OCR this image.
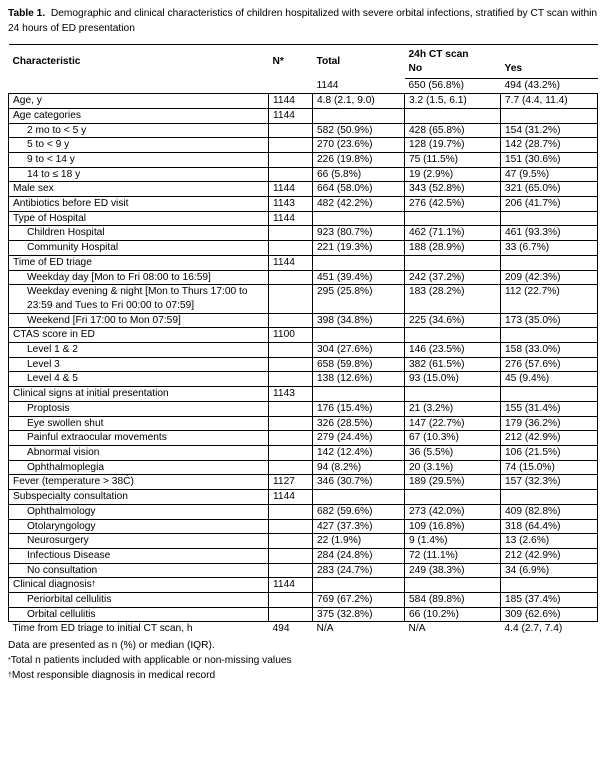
Table 1. Demographic and clinical characteristics of children hospitalized with severe orbital infections, stratified by CT scan within 24 hours of ED presentation
Characteristic	N*	Total	24h CT scan	
			No	Yes
		1144	650 (56.8%)	494 (43.2%)
Age, y	1144	4.8 (2.1, 9.0)	3.2 (1.5, 6.1)	7.7 (4.4, 11.4)
Age categories	1144			
2 mo to < 5 y		582 (50.9%)	428 (65.8%)	154 (31.2%)
5 to < 9 y		270 (23.6%)	128 (19.7%)	142 (28.7%)
9 to < 14 y		226 (19.8%)	75 (11.5%)	151 (30.6%)
14 to ≤ 18 y		66 (5.8%)	19 (2.9%)	47 (9.5%)
Male sex	1144	664 (58.0%)	343 (52.8%)	321 (65.0%)
Antibiotics before ED visit	1143	482 (42.2%)	276 (42.5%)	206 (41.7%)
Type of Hospital	1144			
Children Hospital		923 (80.7%)	462 (71.1%)	461 (93.3%)
Community Hospital		221 (19.3%)	188 (28.9%)	33 (6.7%)
Time of ED triage	1144			
Weekday day [Mon to Fri 08:00 to 16:59]		451 (39.4%)	242 (37.2%)	209 (42.3%)
Weekday evening & night [Mon to Thurs 17:00 to 23:59 and Tues to Fri 00:00 to 07:59]		295 (25.8%)	183 (28.2%)	112 (22.7%)
Weekend [Fri 17:00 to Mon 07:59]		398 (34.8%)	225 (34.6%)	173 (35.0%)
CTAS score in ED	1100			
Level 1 & 2		304 (27.6%)	146 (23.5%)	158 (33.0%)
Level 3		658 (59.8%)	382 (61.5%)	276 (57.6%)
Level 4 & 5		138 (12.6%)	93 (15.0%)	45 (9.4%)
Clinical signs at initial presentation	1143			
Proptosis		176 (15.4%)	21 (3.2%)	155 (31.4%)
Eye swollen shut		326 (28.5%)	147 (22.7%)	179 (36.2%)
Painful extraocular movements		279 (24.4%)	67 (10.3%)	212 (42.9%)
Abnormal vision		142 (12.4%)	36 (5.5%)	106 (21.5%)
Ophthalmoplegia		94 (8.2%)	20 (3.1%)	74 (15.0%)
Fever (temperature > 38Ċ)	1127	346 (30.7%)	189 (29.5%)	157 (32.3%)
Subspecialty consultation	1144			
Ophthalmology		682 (59.6%)	273 (42.0%)	409 (82.8%)
Otolaryngology		427 (37.3%)	109 (16.8%)	318 (64.4%)
Neurosurgery		22 (1.9%)	9 (1.4%)	13 (2.6%)
Infectious Disease		284 (24.8%)	72 (11.1%)	212 (42.9%)
No consultation		283 (24.7%)	249 (38.3%)	34 (6.9%)
Clinical diagnosis†	1144			
Periorbital cellulitis		769 (67.2%)	584 (89.8%)	185 (37.4%)
Orbital cellulitis		375 (32.8%)	66 (10.2%)	309 (62.6%)
Time from ED triage to initial CT scan, h	494	N/A	N/A	4.4 (2.7, 7.4)
Data are presented as n (%) or median (IQR).
*Total n patients included with applicable or non-missing values
†Most responsible diagnosis in medical record
